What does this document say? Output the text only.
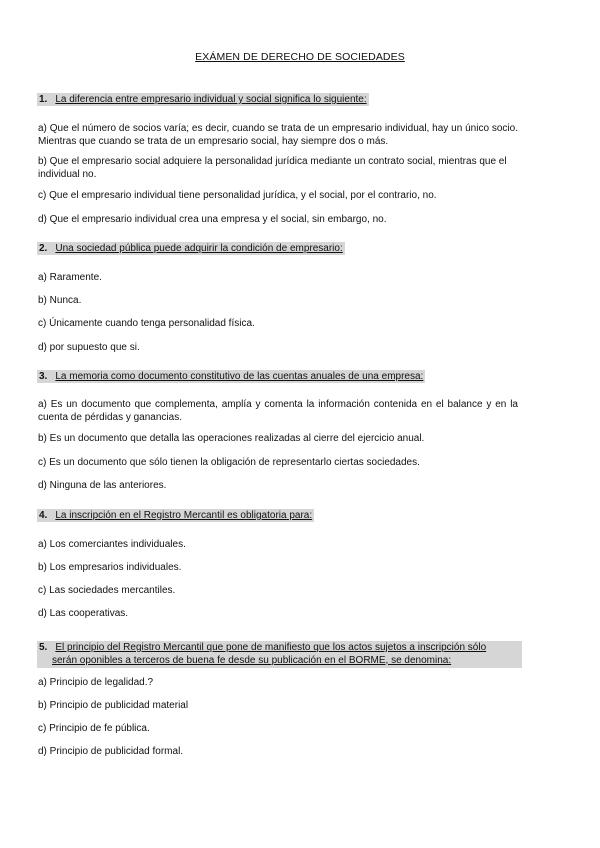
EXÁMEN DE DERECHO DE SOCIEDADES
1. La diferencia entre empresario individual y social significa lo siguiente:
a) Que el número de socios varía; es decir, cuando se trata de un empresario individual, hay un único socio. Mientras que cuando se trata de un empresario social, hay siempre dos o más.
b) Que el empresario social adquiere la personalidad jurídica mediante un contrato social, mientras que el individual no.
c) Que el empresario individual tiene personalidad jurídica, y el social, por el contrario, no.
d) Que el empresario individual crea una empresa y el social, sin embargo, no.
2. Una sociedad pública puede adquirir la condición de empresario:
a) Raramente.
b) Nunca.
c) Únicamente cuando tenga personalidad física.
d) por supuesto que si.
3. La memoria como documento constitutivo de las cuentas anuales de una empresa:
a) Es un documento que complementa, amplía y comenta la información contenida en el balance y en la cuenta de pérdidas y ganancias.
b) Es un documento que detalla las operaciones realizadas al cierre del ejercicio anual.
c) Es un documento que sólo tienen la obligación de representarlo ciertas sociedades.
d) Ninguna de las anteriores.
4. La inscripción en el Registro Mercantil es obligatoria para:
a) Los comerciantes individuales.
b) Los empresarios individuales.
c) Las sociedades mercantiles.
d) Las cooperativas.
5. El principio del Registro Mercantil que pone de manifiesto que los actos sujetos a inscripción sólo
serán oponibles a terceros de buena fe desde su publicación en el BORME, se denomina:
a) Principio de legalidad.?
b) Principio de publicidad material
c) Principio de fe pública.
d) Principio de publicidad formal.
